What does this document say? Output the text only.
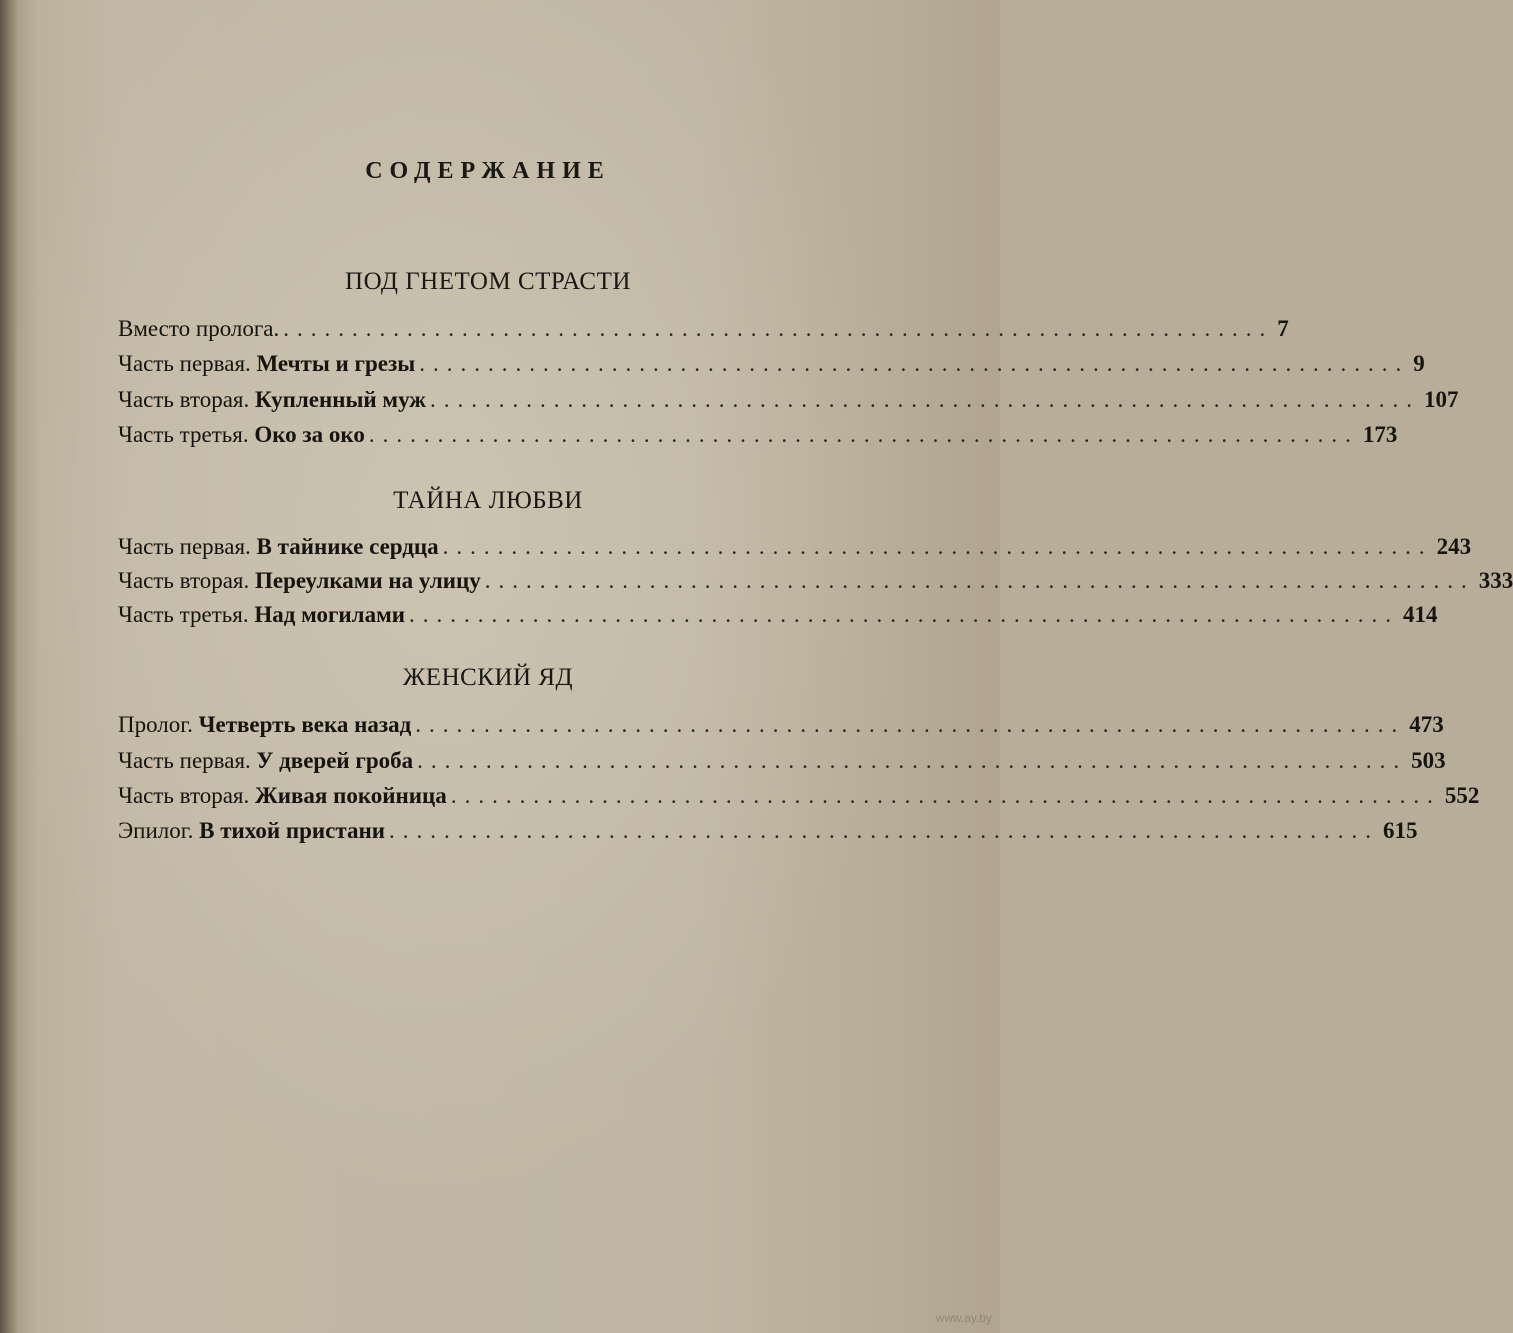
СОДЕРЖАНИЕ
ПОД ГНЕТОМ СТРАСТИ
Вместо пролога. ........................................................................ 7
Часть первая. Мечты и грезы ........................................................................ 9
Часть вторая. Купленный муж ........................................................................ 107
Часть третья. Око за око ........................................................................ 173
ТАЙНА ЛЮБВИ
Часть первая. В тайнике сердца ........................................................................ 243
Часть вторая. Переулками на улицу ........................................................................ 333
Часть третья. Над могилами ........................................................................ 414
ЖЕНСКИЙ ЯД
Пролог. Четверть века назад ........................................................................ 473
Часть первая. У дверей гроба ........................................................................ 503
Часть вторая. Живая покойница ........................................................................ 552
Эпилог. В тихой пристани ........................................................................ 615
www.ay.by
